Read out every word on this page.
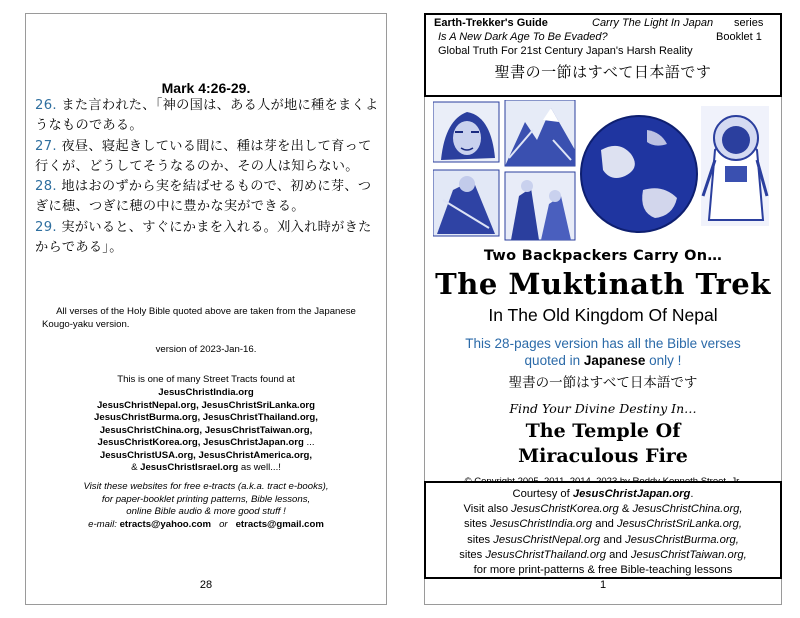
Mark 4:26-29.
26. また言われた、「神の国は、ある人が地に種をまくようなものである。
27. 夜昼、寝起きしている間に、種は芽を出して育って行くが、どうしてそうなるのか、その人は知らない。
28. 地はおのずから実を結ばせるもので、初めに芽、つぎに穂、つぎに穂の中に豊かな実ができる。
29. 実がいると、すぐにかまを入れる。刈入れ時がきたからである」。
All verses of the Holy Bible quoted above are taken from the Japanese
Kougo-yaku version.
version of 2023-Jan-16.
This is one of many Street Tracts found at
JesusChristIndia.org
JesusChristNepal.org, JesusChristSriLanka.org
JesusChristBurma.org, JesusChristThailand.org,
JesusChristChina.org, JesusChristTaiwan.org,
JesusChristKorea.org, JesusChristJapan.org ...
JesusChristUSA.org, JesusChristAmerica.org,
& JesusChristIsrael.org as well...!
Visit these websites for free e-tracts (a.k.a. tract e-books),
for paper-booklet printing patterns, Bible lessons,
online Bible audio & more good stuff !
e-mail: etracts@yahoo.com or etracts@gmail.com
28
Two Backpackers Carry On…
The Muktinath Trek
In The Old Kingdom Of Nepal
This 28-pages version has all the Bible verses
quoted in Japanese only !
聖書の一節はすべて日本語です
Find Your Divine Destiny In…
The Temple Of
Miraculous Fire
1
Earth-Trekker's Guide	Carry The Light In Japan series
Is A New Dark Age To Be Evaded?	Booklet 1
Global Truth For 21st Century Japan's Harsh Reality
聖書の一節はすべて日本語です
Courtesy of JesusChristJapan.org.
Visit also JesusChristKorea.org & JesusChristChina.org,
sites JesusChristIndia.org and JesusChristSriLanka.org,
sites JesusChristNepal.org and JesusChristBurma.org,
sites JesusChristThailand.org and JesusChristTaiwan.org,
for more print-patterns & free Bible-teaching lessons
